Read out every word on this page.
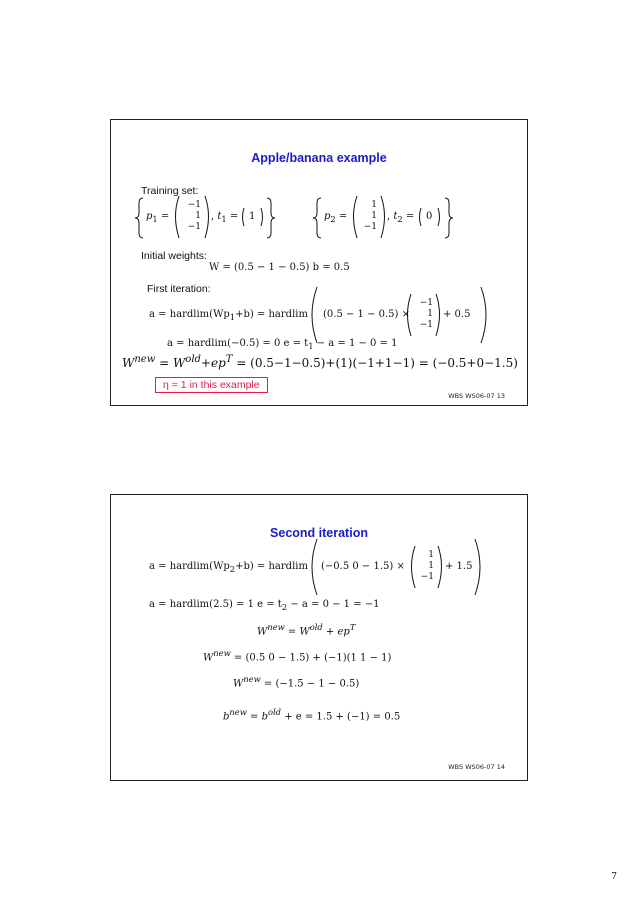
Apple/banana example
Training set:
$p_1$ =
−1
1
−1
, $t_1 = 1$	$p_2$ =
1
1
−1
, $t_2 = 0$
Initial weights:
W = (0.5 − 1 − 0.5) b = 0.5
First iteration:
$a = hardlim(Wp_1+b)$ = hardlim (0.5 − 1 − 0.5) ×
−1
1
−1
+ 0.5
a = hardlim(−0.5) = 0 $e = t_1 - a = 1 - 0 = 1$
$W^{new} = W^{old}+ep^T = (0.5-1-0.5)+(1)(-1+1-1) = (-0.5+0-1.5)$
η = 1 in this example
WBS WS06-07 13
Second iteration
$a = hardlim(Wp_2+b)$ = hardlim (−0.5 0 − 1.5) ×
1
1
−1
+ 1.5
a = hardlim(2.5) = 1 $e = t_2 - a = 0 - 1 = -1$
$W^{new} = W^{old} + ep^T$
$W^{new} = (0.5$ 0 − 1.5) + (−1)(1 1 − 1)
$W^{new} = (-1.5 - 1 - 0.5)$
$b^{new} = b^{old} + e = 1.5 + (-1) = 0.5$
WBS WS06-07 14
7
